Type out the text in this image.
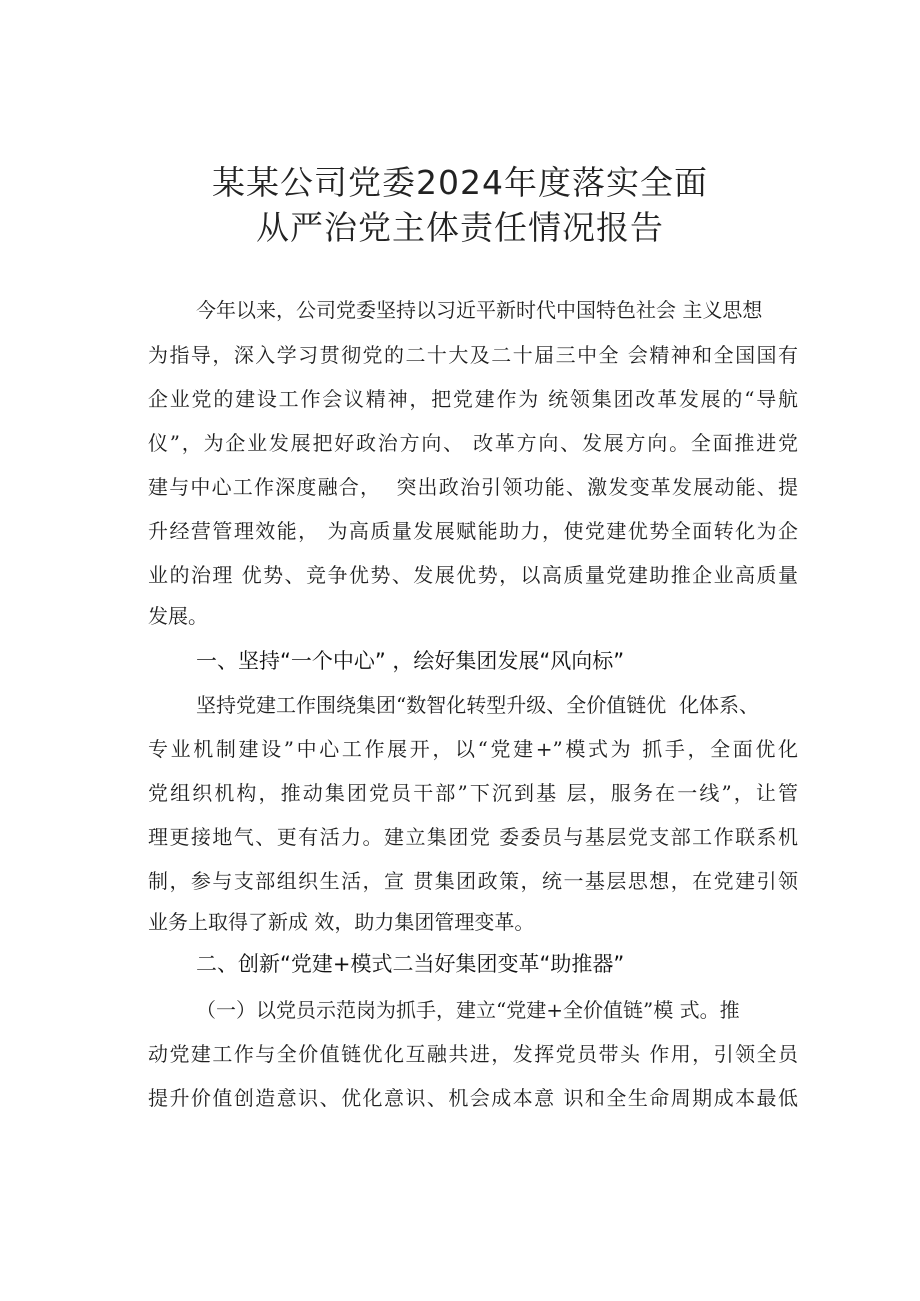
某某公司党委2024年度落实全面
从严治党主体责任情况报告
今年以来，公司党委坚持以习近平新时代中国特色社会 主义思想
为指导，深入学习贯彻党的二十大及二十届三中全 会精神和全国国有
企业党的建设工作会议精神，把党建作为 统领集团改革发展的“导航
仪”，为企业发展把好政治方向、 改革方向、发展方向。全面推进党
建与中心工作深度融合，  突出政治引领功能、激发变革发展动能、提
升经营管理效能， 为高质量发展赋能助力，使党建优势全面转化为企
业的治理 优势、竞争优势、发展优势，以高质量党建助推企业高质量
发展。
一、坚持“一个中心” ，绘好集团发展“风向标”
坚持党建工作围绕集团“数智化转型升级、全价值链优  化体系、
专业机制建设”中心工作展开，以“党建+”模式为 抓手，全面优化
党组织机构，推动集团党员干部”下沉到基 层，服务在一线”，让管
理更接地气、更有活力。建立集团党 委委员与基层党支部工作联系机
制，参与支部组织生活，宣 贯集团政策，统一基层思想，在党建引领
业务上取得了新成 效，助力集团管理变革。
二、创新“党建+模式二当好集团变革“助推器”
（一）以党员示范岗为抓手，建立“党建+全价值链”模 式。推
动党建工作与全价值链优化互融共进，发挥党员带头 作用，引领全员
提升价值创造意识、优化意识、机会成本意 识和全生命周期成本最低
